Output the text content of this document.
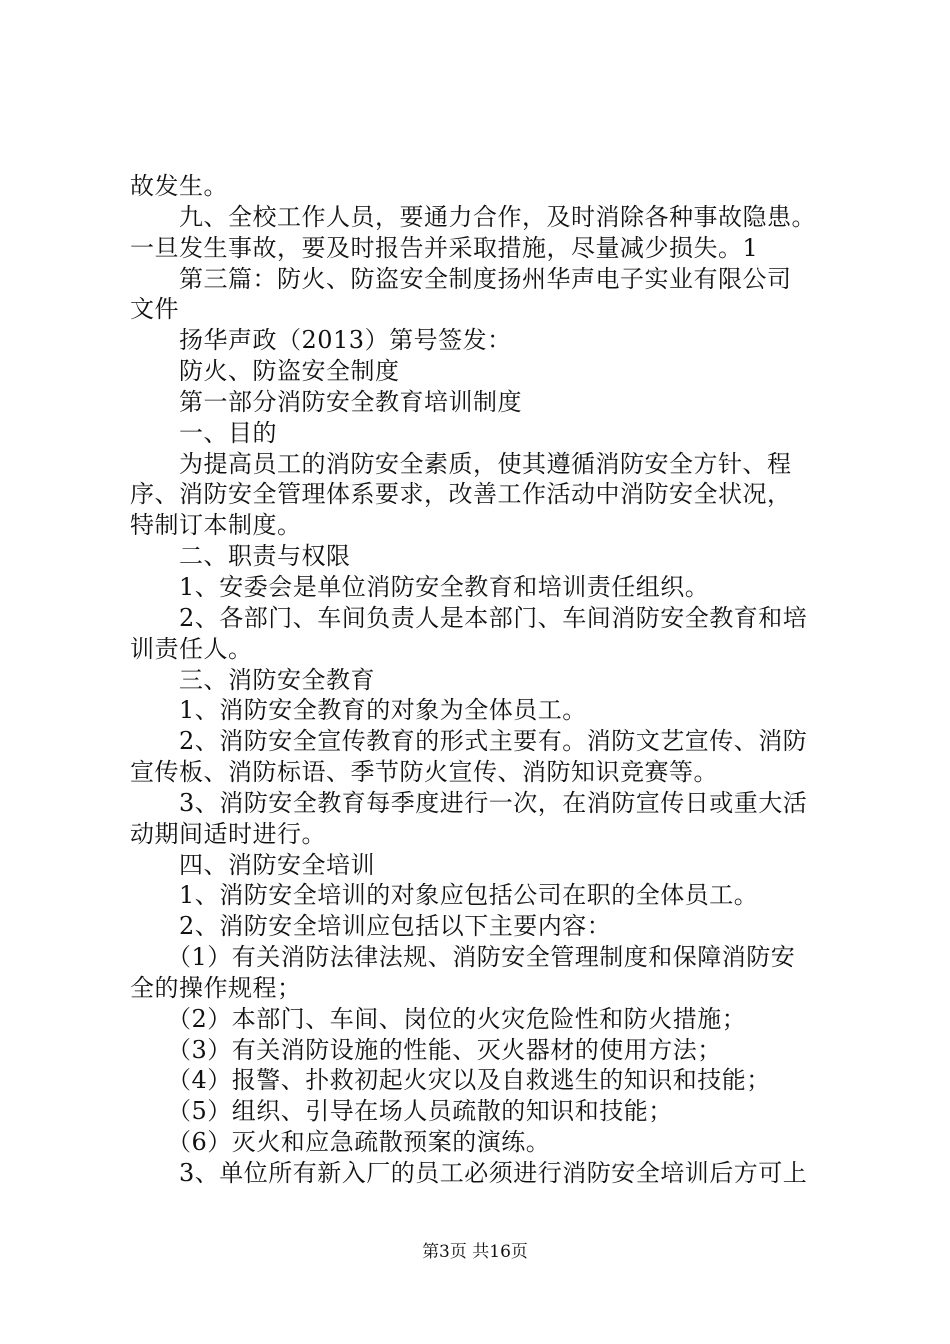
故发生。
　　九、全校工作人员，要通力合作，及时消除各种事故隐患。
一旦发生事故，要及时报告并采取措施，尽量减少损失。1
　　第三篇：防火、防盗安全制度扬州华声电子实业有限公司
文件
　　扬华声政（2013）第号签发：
　　防火、防盗安全制度
　　第一部分消防安全教育培训制度
　　一、目的
　　为提高员工的消防安全素质，使其遵循消防安全方针、程
序、消防安全管理体系要求，改善工作活动中消防安全状况，
特制订本制度。
　　二、职责与权限
　　1、安委会是单位消防安全教育和培训责任组织。
　　2、各部门、车间负责人是本部门、车间消防安全教育和培
训责任人。
　　三、消防安全教育
　　1、消防安全教育的对象为全体员工。
　　2、消防安全宣传教育的形式主要有。消防文艺宣传、消防
宣传板、消防标语、季节防火宣传、消防知识竞赛等。
　　3、消防安全教育每季度进行一次，在消防宣传日或重大活
动期间适时进行。
　　四、消防安全培训
　　1、消防安全培训的对象应包括公司在职的全体员工。
　　2、消防安全培训应包括以下主要内容：
　　（1）有关消防法律法规、消防安全管理制度和保障消防安
全的操作规程；
　　（2）本部门、车间、岗位的火灾危险性和防火措施；
　　（3）有关消防设施的性能、灭火器材的使用方法；
　　（4）报警、扑救初起火灾以及自救逃生的知识和技能；
　　（5）组织、引导在场人员疏散的知识和技能；
　　（6）灭火和应急疏散预案的演练。
　　3、单位所有新入厂的员工必须进行消防安全培训后方可上
第3页 共16页
